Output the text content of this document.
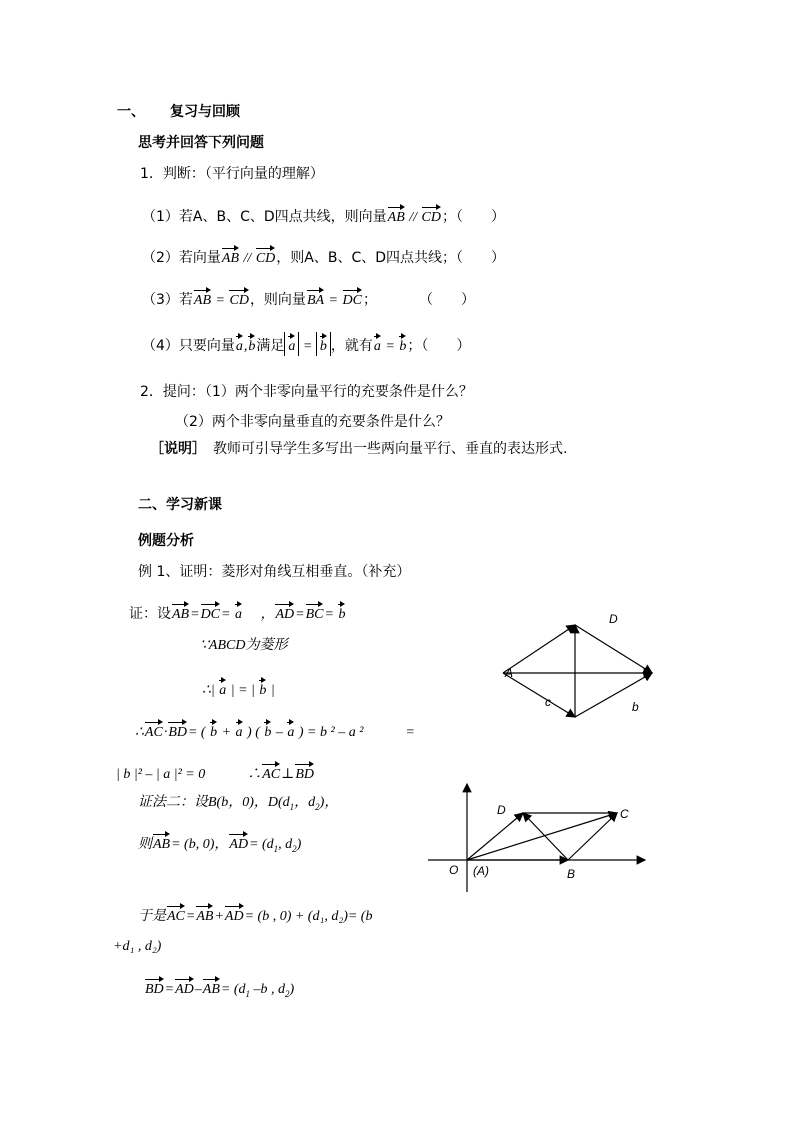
一、 复习与回顾
思考并回答下列问题
1．判断：（平行向量的理解）
（1）若A、B、C、D四点共线，则向量AB // CD；（　　）
（2）若向量AB // CD，则A、B、C、D四点共线；（　　）
（3）若AB = CD，则向量BA = DC；　　　　（　　）
（4）只要向量a,b满足 a = b ，就有a = b；（　　）
2．提问：（1）两个非零向量平行的充要条件是什么？
（2）两个非零向量垂直的充要条件是什么？
［说明］　 教师可引导学生多写出一些两向量平行、垂直的表达形式.
二、学习新课
例题分析
例 1、证明：菱形对角线互相垂直。（补充）
证：设AB=DC= a　 ，AD=BC= b
∵ABCD为菱形
∴| a | = | b |
∴AC·BD= ( b + a ) ( b – a ) = b ² – a ²　　　=
| b |² – | a |² = 0　　　∴AC⊥BD
证法二：设B(b，0)，$D(d_1$，$d_2$)，
则AB= (b, 0)，$AD= (d_1$, $d_2$)
于是AC=AB+AD= (b , 0) + (d₁, d₂)= (b
+d₁ , d₂)
$BD=AD-AB= (d_1$ –b , $d_2$)
D
A
c	b
D	C
O (A)	B
